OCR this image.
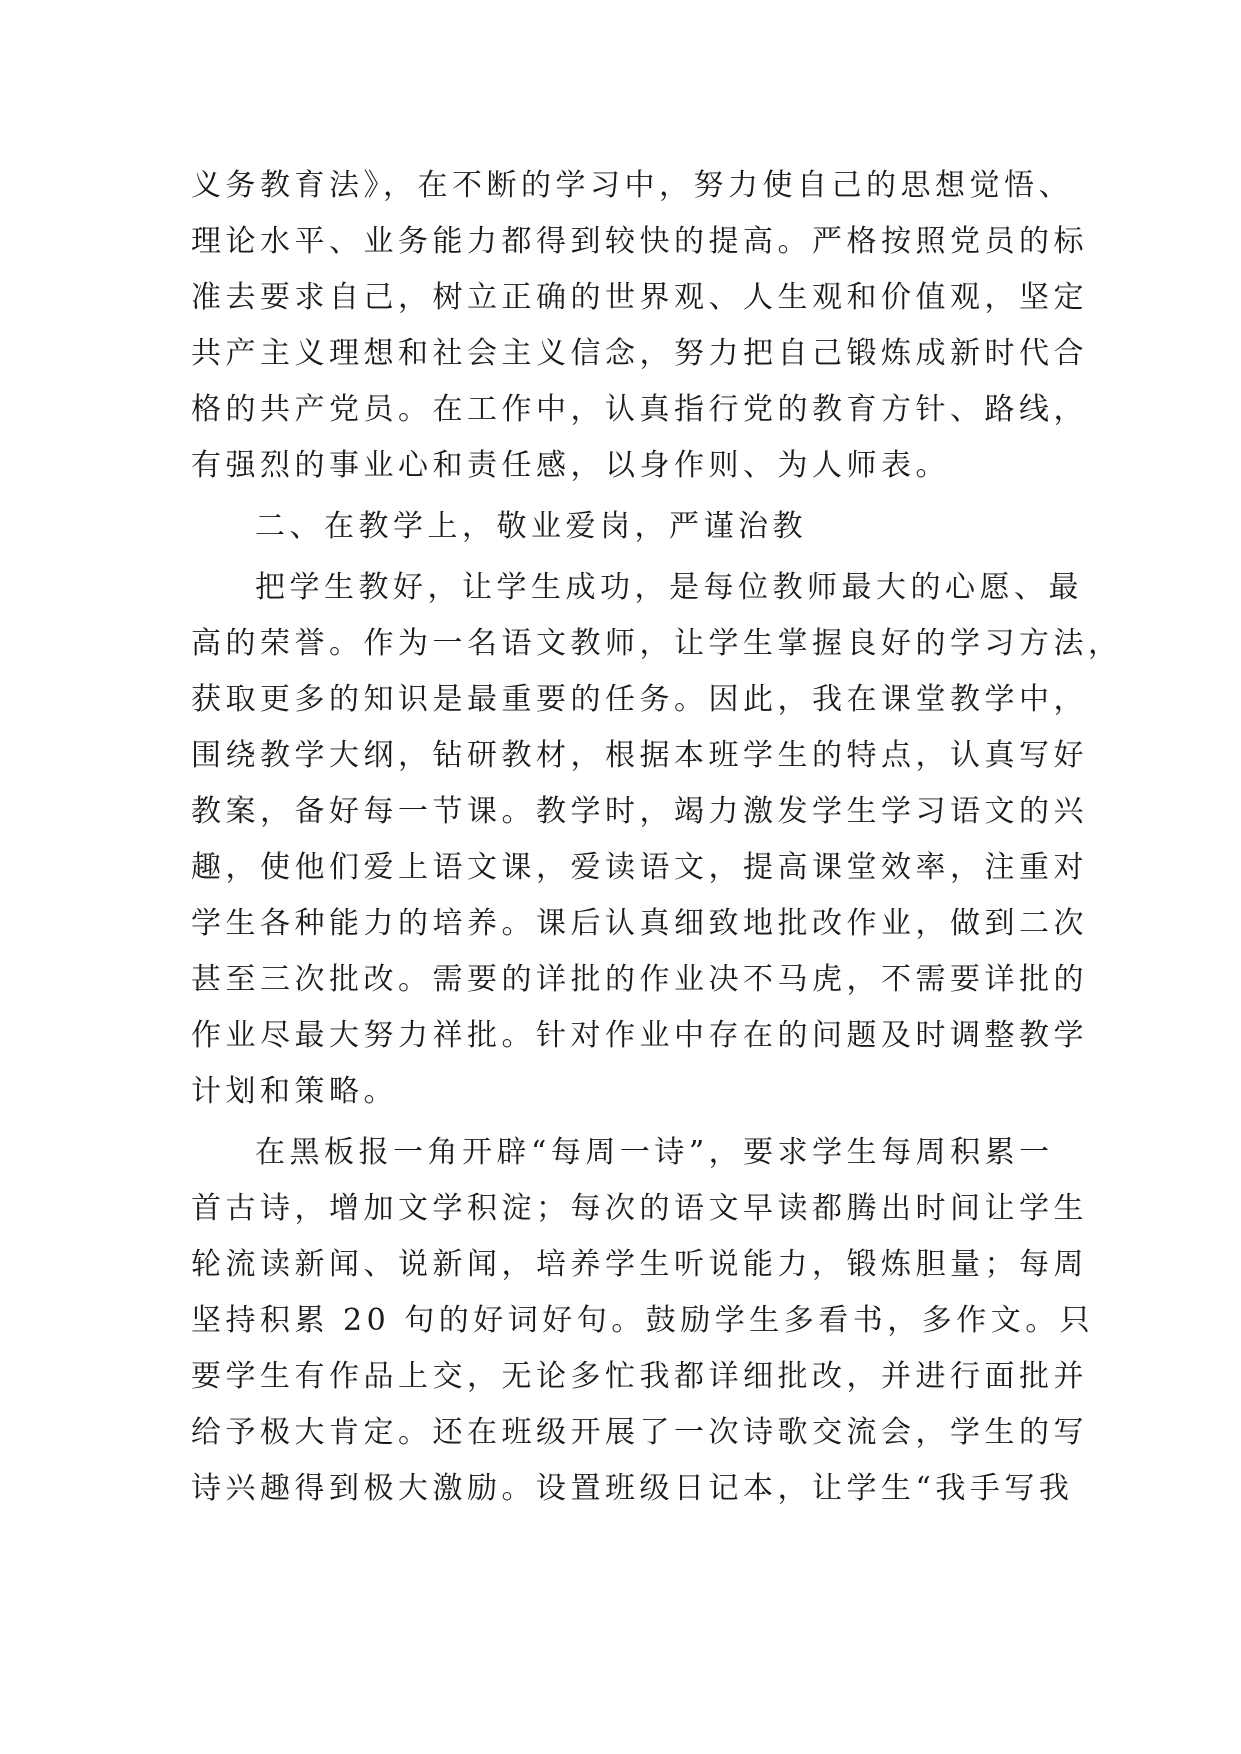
义务教育法》，在不断的学习中，努力使自己的思想觉悟、
理论水平、业务能力都得到较快的提高。严格按照党员的标
准去要求自己，树立正确的世界观、人生观和价值观，坚定
共产主义理想和社会主义信念，努力把自己锻炼成新时代合
格的共产党员。在工作中，认真指行党的教育方针、路线，
有强烈的事业心和责任感，以身作则、为人师表。
二、在教学上，敬业爱岗，严谨治教
把学生教好，让学生成功，是每位教师最大的心愿、最
高的荣誉。作为一名语文教师，让学生掌握良好的学习方法，
获取更多的知识是最重要的任务。因此，我在课堂教学中，
围绕教学大纲，钻研教材，根据本班学生的特点，认真写好
教案，备好每一节课。教学时，竭力激发学生学习语文的兴
趣，使他们爱上语文课，爱读语文，提高课堂效率，注重对
学生各种能力的培养。课后认真细致地批改作业，做到二次
甚至三次批改。需要的详批的作业决不马虎，不需要详批的
作业尽最大努力祥批。针对作业中存在的问题及时调整教学
计划和策略。
在黑板报一角开辟“每周一诗”，要求学生每周积累一
首古诗，增加文学积淀；每次的语文早读都腾出时间让学生
轮流读新闻、说新闻，培养学生听说能力，锻炼胆量；每周
坚持积累 20 句的好词好句。鼓励学生多看书，多作文。只
要学生有作品上交，无论多忙我都详细批改，并进行面批并
给予极大肯定。还在班级开展了一次诗歌交流会，学生的写
诗兴趣得到极大激励。设置班级日记本，让学生“我手写我
